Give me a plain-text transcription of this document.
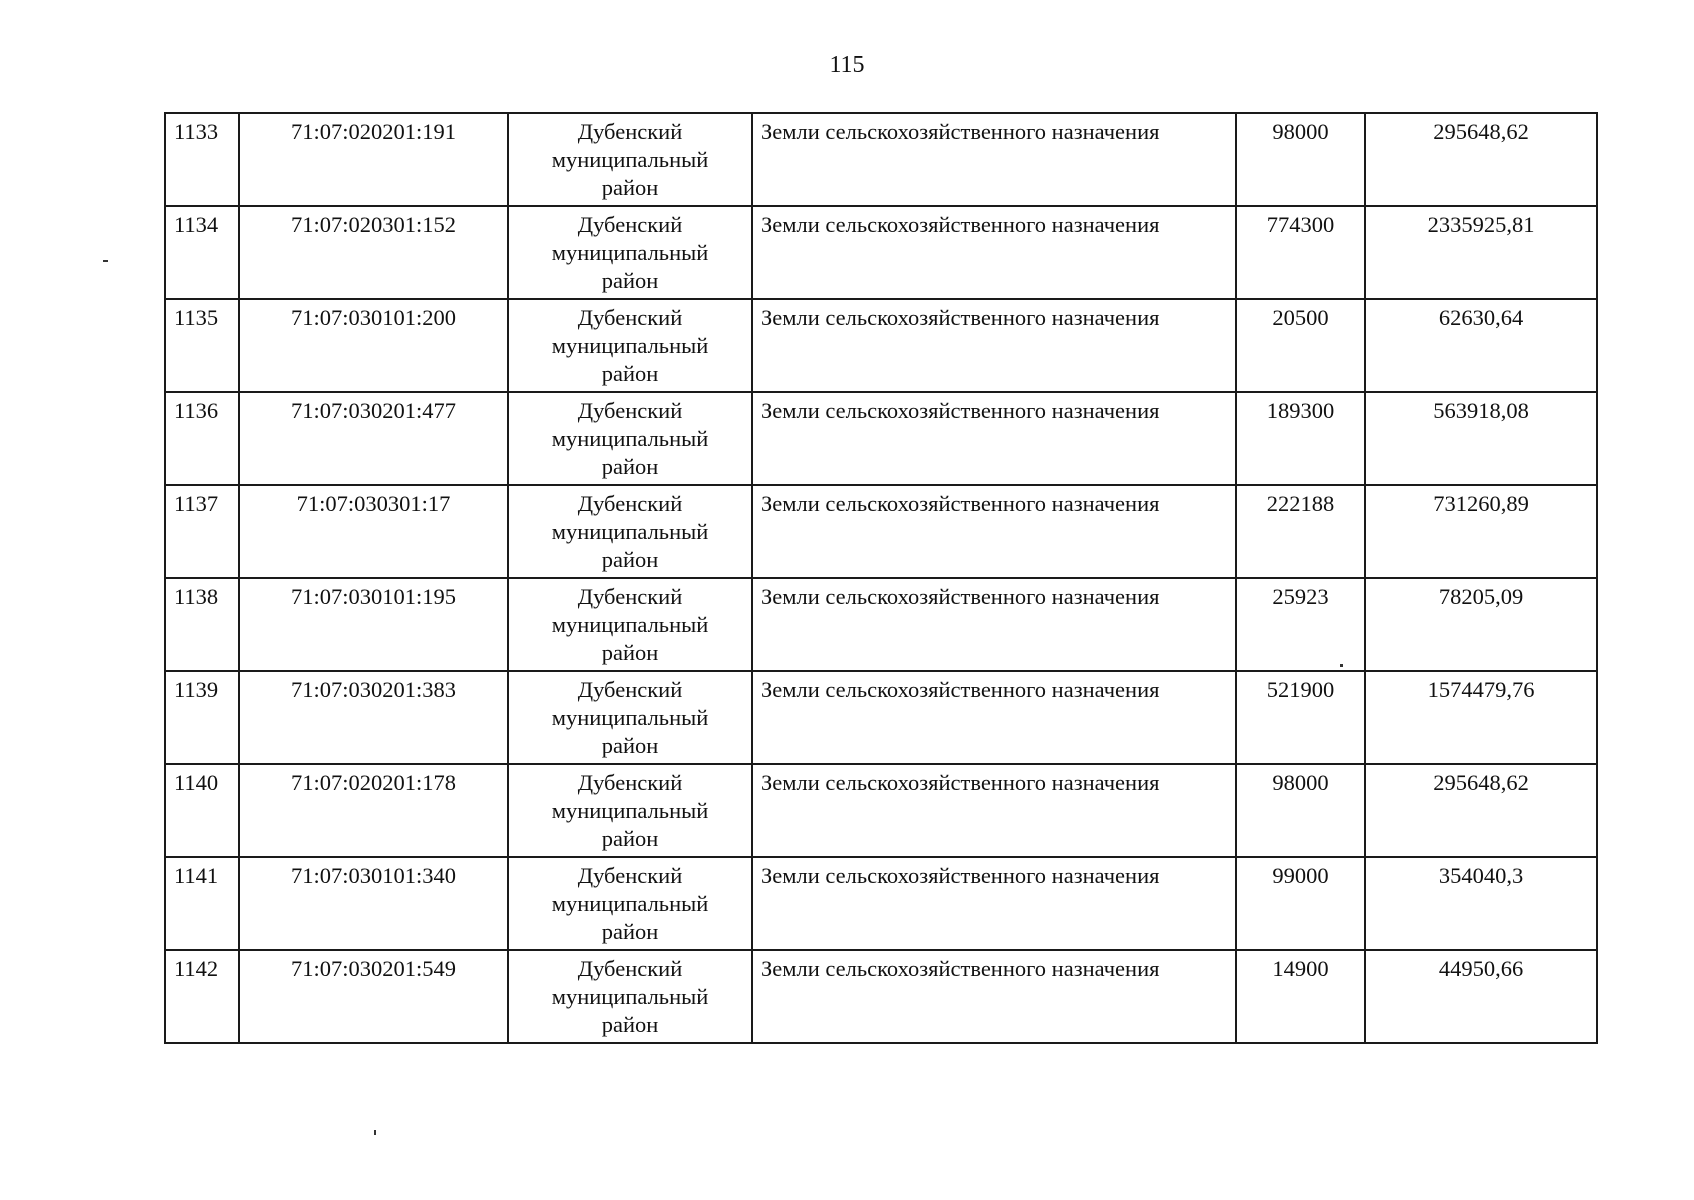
115
1133	71:07:020201:191	Дубенский
муниципальный
район	Земли сельскохозяйственного назначения	98000	295648,62
1134	71:07:020301:152	Дубенский
муниципальный
район	Земли сельскохозяйственного назначения	774300	2335925,81
1135	71:07:030101:200	Дубенский
муниципальный
район	Земли сельскохозяйственного назначения	20500	62630,64
1136	71:07:030201:477	Дубенский
муниципальный
район	Земли сельскохозяйственного назначения	189300	563918,08
1137	71:07:030301:17	Дубенский
муниципальный
район	Земли сельскохозяйственного назначения	222188	731260,89
1138	71:07:030101:195	Дубенский
муниципальный
район	Земли сельскохозяйственного назначения	25923	78205,09
1139	71:07:030201:383	Дубенский
муниципальный
район	Земли сельскохозяйственного назначения	521900	1574479,76
1140	71:07:020201:178	Дубенский
муниципальный
район	Земли сельскохозяйственного назначения	98000	295648,62
1141	71:07:030101:340	Дубенский
муниципальный
район	Земли сельскохозяйственного назначения	99000	354040,3
1142	71:07:030201:549	Дубенский
муниципальный
район	Земли сельскохозяйственного назначения	14900	44950,66
